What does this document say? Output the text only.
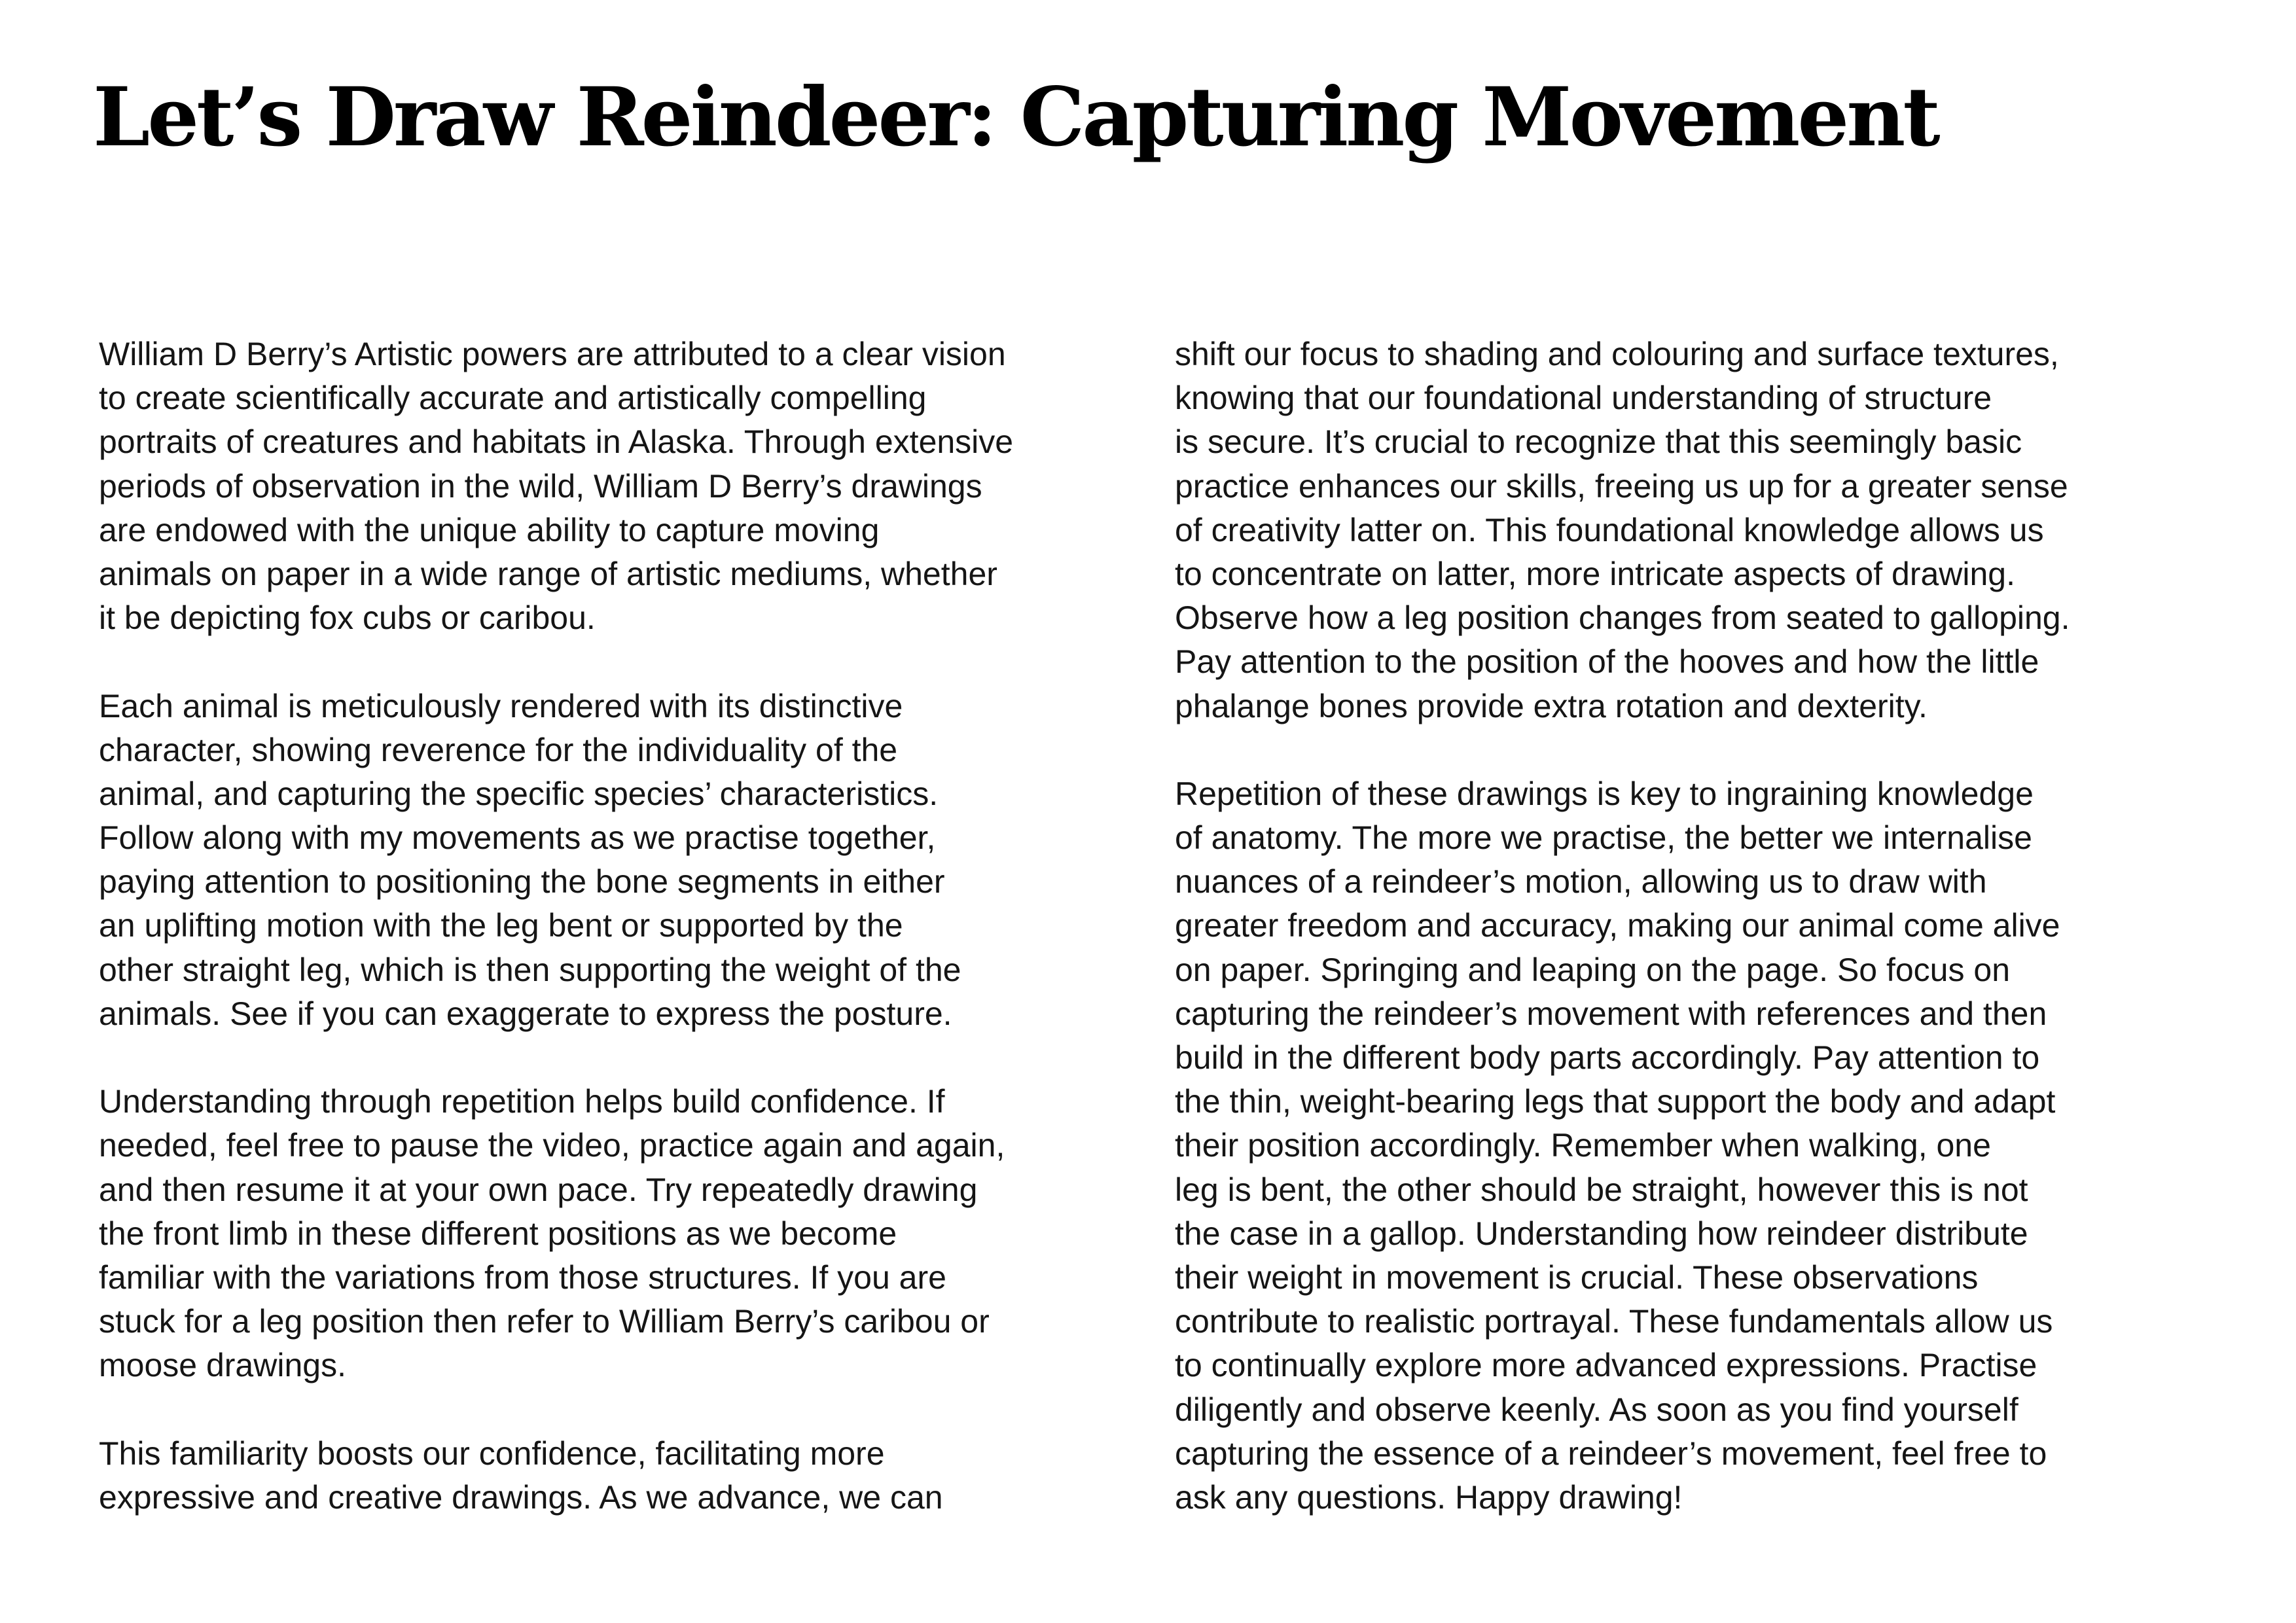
Let’s Draw Reindeer: Capturing Movement
William D Berry’s Artistic powers are attributed to a clear vision
to create scientifically accurate and artistically compelling
portraits of creatures and habitats in Alaska. Through extensive
periods of observation in the wild, William D Berry’s drawings
are endowed with the unique ability to capture moving
animals on paper in a wide range of artistic mediums, whether
it be depicting fox cubs or caribou.
Each animal is meticulously rendered with its distinctive
character, showing reverence for the individuality of the
animal, and capturing the specific species’ characteristics.
Follow along with my movements as we practise together,
paying attention to positioning the bone segments in either
an uplifting motion with the leg bent or supported by the
other straight leg, which is then supporting the weight of the
animals. See if you can exaggerate to express the posture.
Understanding through repetition helps build confidence. If
needed, feel free to pause the video, practice again and again,
and then resume it at your own pace. Try repeatedly drawing
the front limb in these different positions as we become
familiar with the variations from those structures. If you are
stuck for a leg position then refer to William Berry’s caribou or
moose drawings.
This familiarity boosts our confidence, facilitating more
expressive and creative drawings. As we advance, we can
shift our focus to shading and colouring and surface textures,
knowing that our foundational understanding of structure
is secure. It’s crucial to recognize that this seemingly basic
practice enhances our skills, freeing us up for a greater sense
of creativity latter on. This foundational knowledge allows us
to concentrate on latter, more intricate aspects of drawing.
Observe how a leg position changes from seated to galloping.
Pay attention to the position of the hooves and how the little
phalange bones provide extra rotation and dexterity.
Repetition of these drawings is key to ingraining knowledge
of anatomy. The more we practise, the better we internalise
nuances of a reindeer’s motion, allowing us to draw with
greater freedom and accuracy, making our animal come alive
on paper. Springing and leaping on the page. So focus on
capturing the reindeer’s movement with references and then
build in the different body parts accordingly. Pay attention to
the thin, weight-bearing legs that support the body and adapt
their position accordingly. Remember when walking, one
leg is bent, the other should be straight, however this is not
the case in a gallop. Understanding how reindeer distribute
their weight in movement is crucial. These observations
contribute to realistic portrayal. These fundamentals allow us
to continually explore more advanced expressions. Practise
diligently and observe keenly. As soon as you find yourself
capturing the essence of a reindeer’s movement, feel free to
ask any questions. Happy drawing!
